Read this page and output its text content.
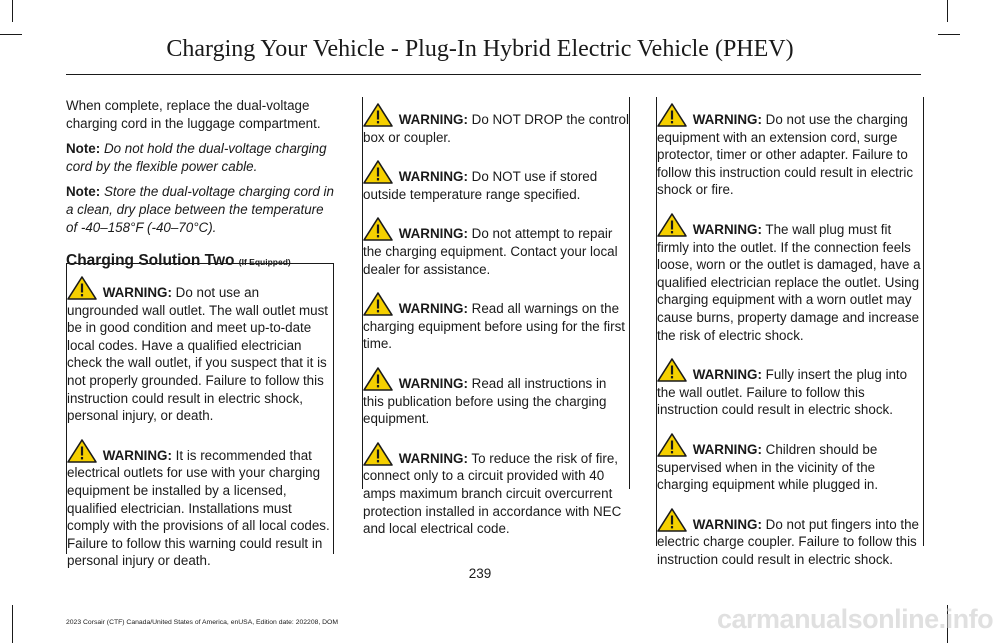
Charging Your Vehicle - Plug-In Hybrid Electric Vehicle (PHEV)

When complete, replace the dual-voltage charging cord in the luggage compartment.

Note: Do not hold the dual-voltage charging cord by the flexible power cable.

Note: Store the dual-voltage charging cord in a clean, dry place between the temperature of -40–158°F (-40–70°C).

Charging Solution Two (If Equipped)
WARNING: Do not use an ungrounded wall outlet. The wall outlet must be in good condition and meet up-to-date local codes. Have a qualified electrician check the wall outlet, if you suspect that it is not properly grounded. Failure to follow this instruction could result in electric shock, personal injury, or death.
WARNING: It is recommended that electrical outlets for use with your charging equipment be installed by a licensed, qualified electrician. Installations must comply with the provisions of all local codes. Failure to follow this warning could result in personal injury or death.
WARNING: Do NOT DROP the control box or coupler.
WARNING: Do NOT use if stored outside temperature range specified.
WARNING: Do not attempt to repair the charging equipment. Contact your local dealer for assistance.
WARNING: Read all warnings on the charging equipment before using for the first time.
WARNING: Read all instructions in this publication before using the charging equipment.
WARNING: To reduce the risk of fire, connect only to a circuit provided with 40 amps maximum branch circuit overcurrent protection installed in accordance with NEC and local electrical code.
WARNING: Do not use the charging equipment with an extension cord, surge protector, timer or other adapter. Failure to follow this instruction could result in electric shock or fire.
WARNING: The wall plug must fit firmly into the outlet. If the connection feels loose, worn or the outlet is damaged, have a qualified electrician replace the outlet. Using charging equipment with a worn outlet may cause burns, property damage and increase the risk of electric shock.
WARNING: Fully insert the plug into the wall outlet. Failure to follow this instruction could result in electric shock.
WARNING: Children should be supervised when in the vicinity of the charging equipment while plugged in.
WARNING: Do not put fingers into the electric charge coupler. Failure to follow this instruction could result in electric shock.
239
2023 Corsair (CTF) Canada/United States of America, enUSA, Edition date: 202208, DOM	carmanualsonline.info
